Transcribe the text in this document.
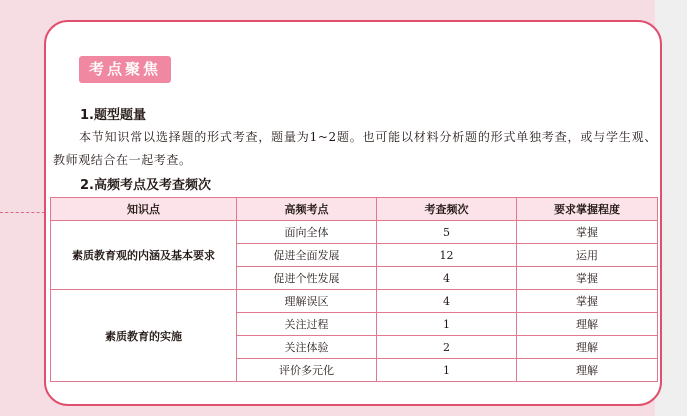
考点聚焦
1.题型题量
本节知识常以选择题的形式考查，题量为1~2题。也可能以材料分析题的形式单独考查，或与学生观、教师观结合在一起考查。
2.高频考点及考查频次
知识点	高频考点	考查频次	要求掌握程度
素质教育观的内涵及基本要求	面向全体	5	掌握
	促进全面发展	12	运用
	促进个性发展	4	掌握
素质教育的实施	理解误区	4	掌握
	关注过程	1	理解
	关注体验	2	理解
	评价多元化	1	理解
